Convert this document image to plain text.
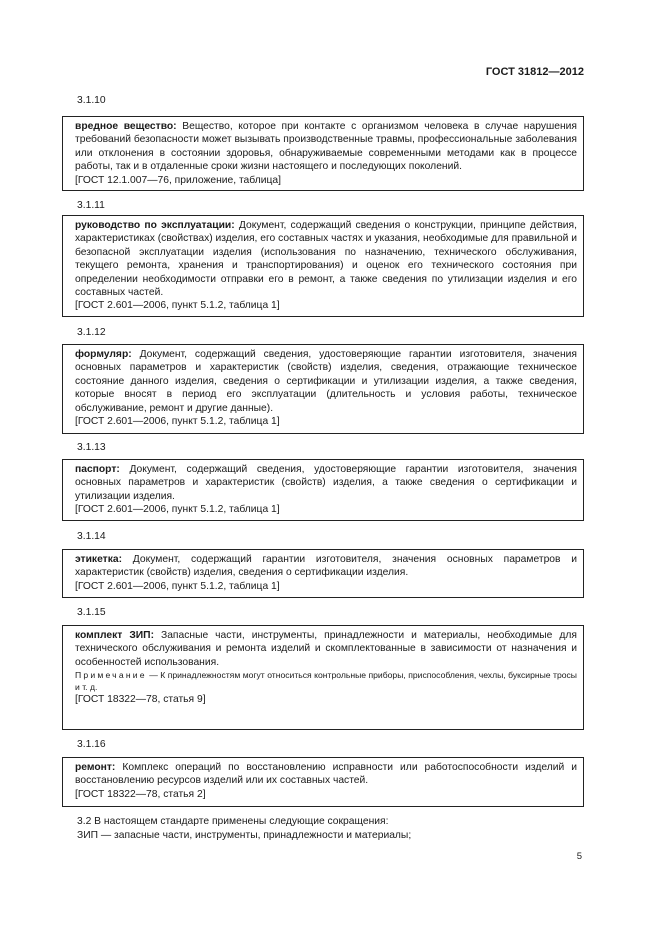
ГОСТ 31812—2012
3.1.10

вредное вещество: Вещество, которое при контакте с организмом человека в случае нарушения требований безопасности может вызывать производственные травмы, профессиональные заболевания или отклонения в состоянии здоровья, обнаруживаемые современными методами как в процессе работы, так и в отдаленные сроки жизни настоящего и последующих поколений.

[ГОСТ 12.1.007—76, приложение, таблица]

3.1.11

руководство по эксплуатации: Документ, содержащий сведения о конструкции, принципе действия, характеристиках (свойствах) изделия, его составных частях и указания, необходимые для правильной и безопасной эксплуатации изделия (использования по назначению, технического обслуживания, текущего ремонта, хранения и транспортирования) и оценок его технического состояния при определении необходимости отправки его в ремонт, а также сведения по утилизации изделия и его составных частей.

[ГОСТ 2.601—2006, пункт 5.1.2, таблица 1]

3.1.12

формуляр: Документ, содержащий сведения, удостоверяющие гарантии изготовителя, значения основных параметров и характеристик (свойств) изделия, сведения, отражающие техническое состояние данного изделия, сведения о сертификации и утилизации изделия, а также сведения, которые вносят в период его эксплуатации (длительность и условия работы, техническое обслуживание, ремонт и другие данные).

[ГОСТ 2.601—2006, пункт 5.1.2, таблица 1]

3.1.13

паспорт: Документ, содержащий сведения, удостоверяющие гарантии изготовителя, значения основных параметров и характеристик (свойств) изделия, а также сведения о сертификации и утилизации изделия.

[ГОСТ 2.601—2006, пункт 5.1.2, таблица 1]

3.1.14

этикетка: Документ, содержащий гарантии изготовителя, значения основных параметров и характеристик (свойств) изделия, сведения о сертификации изделия.

[ГОСТ 2.601—2006, пункт 5.1.2, таблица 1]

3.1.15

комплект ЗИП: Запасные части, инструменты, принадлежности и материалы, необходимые для технического обслуживания и ремонта изделий и скомплектованные в зависимости от назначения и особенностей использования.

Примечание — К принадлежностям могут относиться контрольные приборы, приспособления, чехлы, буксирные тросы и т. д.

[ГОСТ 18322—78, статья 9]

3.1.16

ремонт: Комплекс операций по восстановлению исправности или работоспособности изделий и восстановлению ресурсов изделий или их составных частей.

[ГОСТ 18322—78, статья 2]

3.2 В настоящем стандарте применены следующие сокращения:
ЗИП — запасные части, инструменты, принадлежности и материалы;
5
